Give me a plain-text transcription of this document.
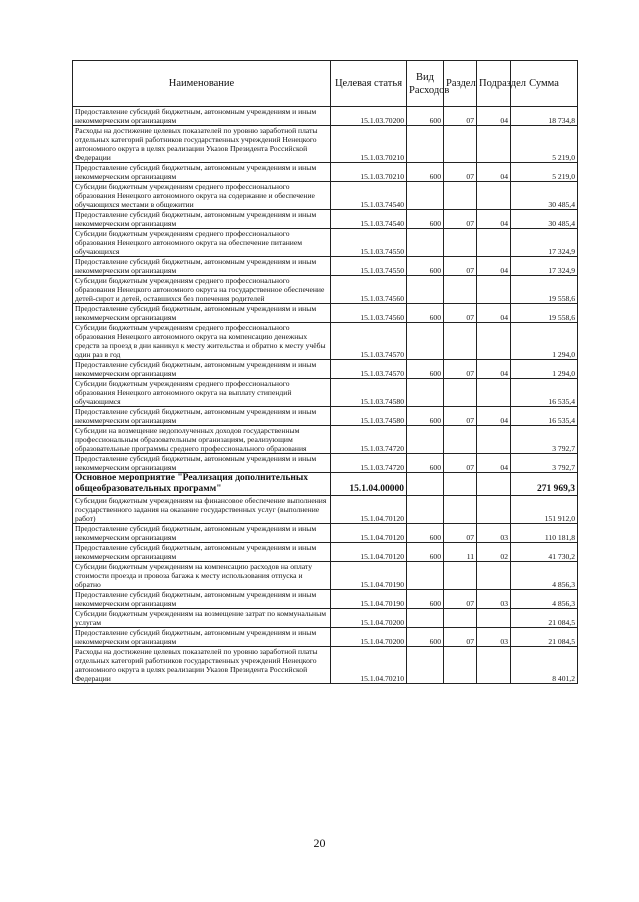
Наименование	Целевая статья	Вид Расходов	Раздел	Подраздел	Сумма
Предоставление субсидий бюджетным, автономным учреждениям и иным некоммерческим организациям	15.1.03.70200	600	07	04	18 734,8
Расходы на достижение целевых показателей по уровню заработной платы отдельных категорий работников государственных учреждений Ненецкого автономного округа в целях реализации Указов Президента Российской Федерации	15.1.03.70210				5 219,0
Предоставление субсидий бюджетным, автономным учреждениям и иным некоммерческим организациям	15.1.03.70210	600	07	04	5 219,0
Субсидии бюджетным учреждениям среднего профессионального образования Ненецкого автономного округа на содержание и обеспечение обучающихся местами в общежитии	15.1.03.74540				30 485,4
Предоставление субсидий бюджетным, автономным учреждениям и иным некоммерческим организациям	15.1.03.74540	600	07	04	30 485,4
Субсидии бюджетным учреждениям среднего профессионального образования Ненецкого автономного округа на обеспечение питанием обучающихся	15.1.03.74550				17 324,9
Предоставление субсидий бюджетным, автономным учреждениям и иным некоммерческим организациям	15.1.03.74550	600	07	04	17 324,9
Субсидии бюджетным учреждениям среднего профессионального образования Ненецкого автономного округа на государственное обеспечение детей-сирот и детей, оставшихся без попечения родителей	15.1.03.74560				19 558,6
Предоставление субсидий бюджетным, автономным учреждениям и иным некоммерческим организациям	15.1.03.74560	600	07	04	19 558,6
Субсидии бюджетным учреждениям среднего профессионального образования Ненецкого автономного округа на компенсацию денежных средств за проезд в дни каникул к месту жительства и обратно к месту учёбы один раз в год	15.1.03.74570				1 294,0
Предоставление субсидий бюджетным, автономным учреждениям и иным некоммерческим организациям	15.1.03.74570	600	07	04	1 294,0
Субсидии бюджетным учреждениям среднего профессионального образования Ненецкого автономного округа на выплату стипендий обучающимся	15.1.03.74580				16 535,4
Предоставление субсидий бюджетным, автономным учреждениям и иным некоммерческим организациям	15.1.03.74580	600	07	04	16 535,4
Субсидии на возмещение недополученных доходов государственным профессиональным образовательным организациям, реализующим образовательные программы среднего профессионального образования	15.1.03.74720				3 792,7
Предоставление субсидий бюджетным, автономным учреждениям и иным некоммерческим организациям	15.1.03.74720	600	07	04	3 792,7
Основное мероприятие "Реализация дополнительных общеобразовательных программ"	15.1.04.00000				271 969,3
Субсидии бюджетным учреждениям на финансовое обеспечение выполнения государственного задания на оказание государственных услуг (выполнение работ)	15.1.04.70120				151 912,0
Предоставление субсидий бюджетным, автономным учреждениям и иным некоммерческим организациям	15.1.04.70120	600	07	03	110 181,8
Предоставление субсидий бюджетным, автономным учреждениям и иным некоммерческим организациям	15.1.04.70120	600	11	02	41 730,2
Субсидии бюджетным учреждениям на компенсацию расходов на оплату стоимости проезда и провоза багажа к месту использования отпуска и обратно	15.1.04.70190				4 856,3
Предоставление субсидий бюджетным, автономным учреждениям и иным некоммерческим организациям	15.1.04.70190	600	07	03	4 856,3
Субсидии бюджетным учреждениям на возмещение затрат по коммунальным услугам	15.1.04.70200				21 084,5
Предоставление субсидий бюджетным, автономным учреждениям и иным некоммерческим организациям	15.1.04.70200	600	07	03	21 084,5
Расходы на достижение целевых показателей по уровню заработной платы отдельных категорий работников государственных учреждений Ненецкого автономного округа в целях реализации Указов Президента Российской Федерации	15.1.04.70210				8 401,2
20
